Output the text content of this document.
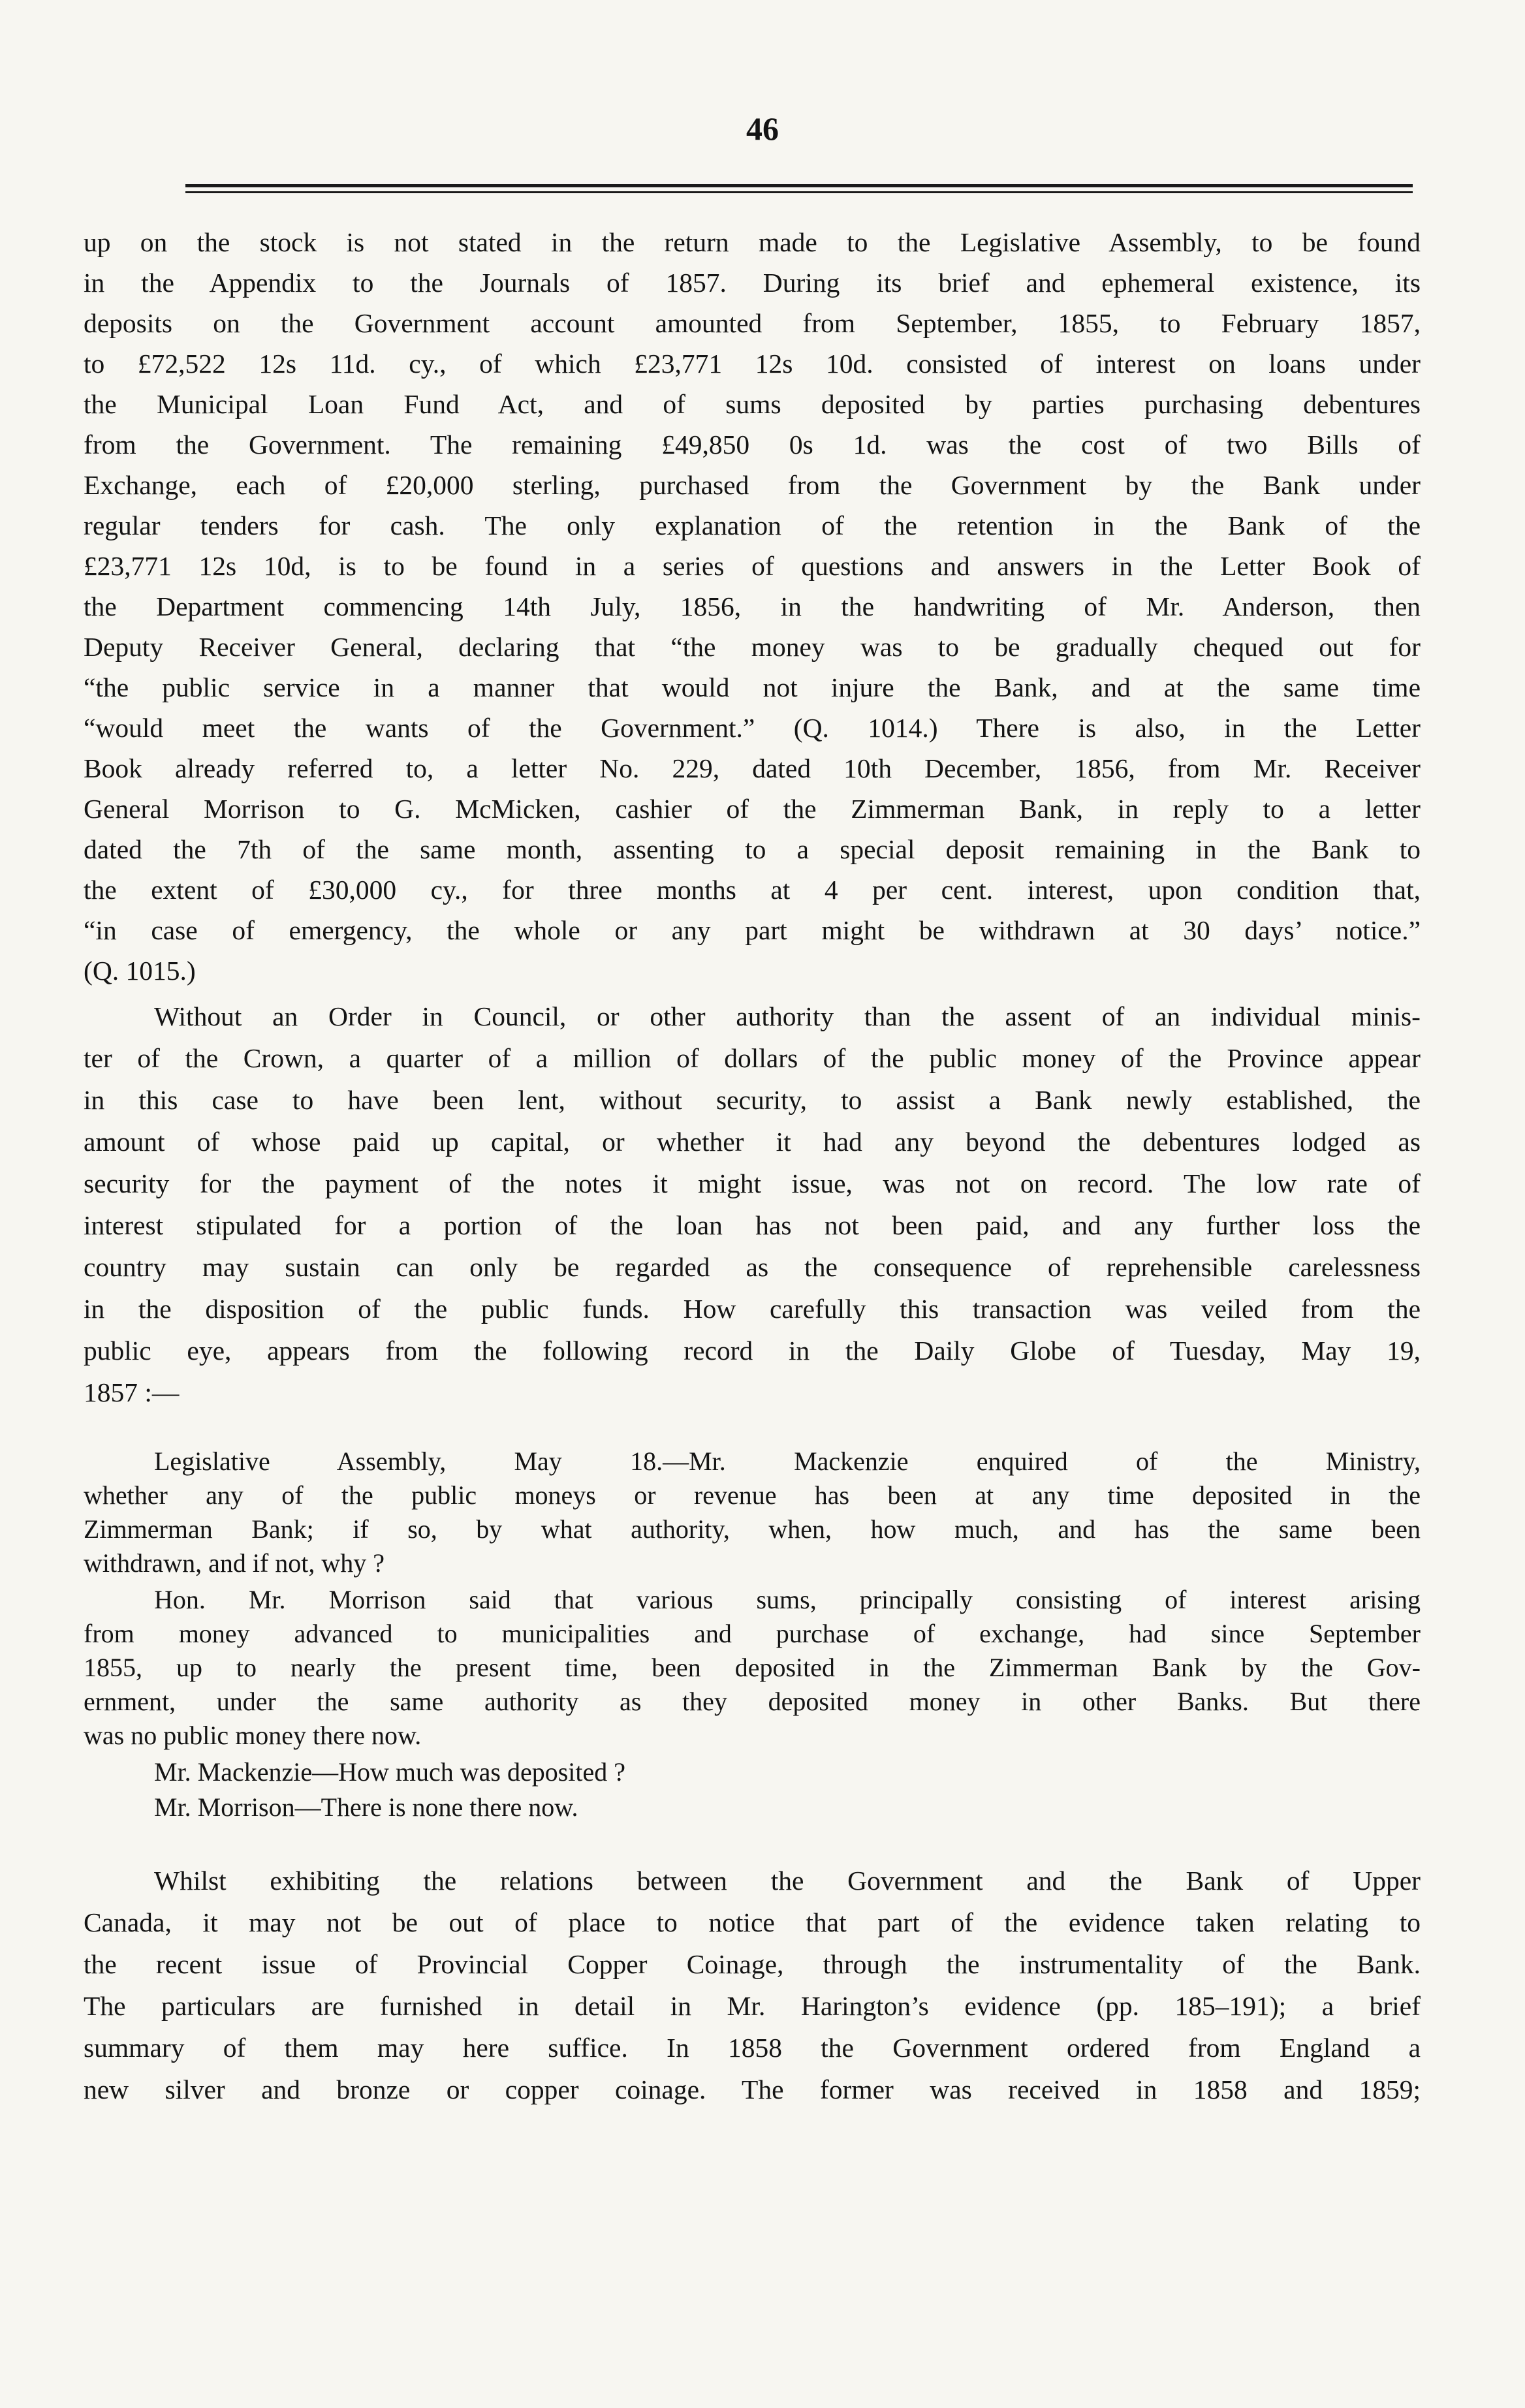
46
up on the stock is not stated in the return made to the Legislative Assembly, to be found
in the Appendix to the Journals of 1857. During its brief and ephemeral existence, its
deposits on the Government account amounted from September, 1855, to February 1857,
to £72,522 12s 11d. cy., of which £23,771 12s 10d. consisted of interest on loans under
the Municipal Loan Fund Act, and of sums deposited by parties purchasing debentures
from the Government. The remaining £49,850 0s 1d. was the cost of two Bills of
Exchange, each of £20,000 sterling, purchased from the Government by the Bank under
regular tenders for cash. The only explanation of the retention in the Bank of the
£23,771 12s 10d, is to be found in a series of questions and answers in the Letter Book of
the Department commencing 14th July, 1856, in the handwriting of Mr. Anderson, then
Deputy Receiver General, declaring that “the money was to be gradually chequed out for
“the public service in a manner that would not injure the Bank, and at the same time
“would meet the wants of the Government.” (Q. 1014.) There is also, in the Letter
Book already referred to, a letter No. 229, dated 10th December, 1856, from Mr. Receiver
General Morrison to G. McMicken, cashier of the Zimmerman Bank, in reply to a letter
dated the 7th of the same month, assenting to a special deposit remaining in the Bank to
the extent of £30,000 cy., for three months at 4 per cent. interest, upon condition that,
“in case of emergency, the whole or any part might be withdrawn at 30 days’ notice.”
(Q. 1015.)
Without an Order in Council, or other authority than the assent of an individual minis-
ter of the Crown, a quarter of a million of dollars of the public money of the Province appear
in this case to have been lent, without security, to assist a Bank newly established, the
amount of whose paid up capital, or whether it had any beyond the debentures lodged as
security for the payment of the notes it might issue, was not on record. The low rate of
interest stipulated for a portion of the loan has not been paid, and any further loss the
country may sustain can only be regarded as the consequence of reprehensible carelessness
in the disposition of the public funds. How carefully this transaction was veiled from the
public eye, appears from the following record in the Daily Globe of Tuesday, May 19,
1857 :—
Legislative Assembly, May 18.—Mr. Mackenzie enquired of the Ministry,
whether any of the public moneys or revenue has been at any time deposited in the
Zimmerman Bank; if so, by what authority, when, how much, and has the same been
withdrawn, and if not, why ?
Hon. Mr. Morrison said that various sums, principally consisting of interest arising
from money advanced to municipalities and purchase of exchange, had since September
1855, up to nearly the present time, been deposited in the Zimmerman Bank by the Gov-
ernment, under the same authority as they deposited money in other Banks. But there
was no public money there now.
Mr. Mackenzie—How much was deposited ?
Mr. Morrison—There is none there now.
Whilst exhibiting the relations between the Government and the Bank of Upper
Canada, it may not be out of place to notice that part of the evidence taken relating to
the recent issue of Provincial Copper Coinage, through the instrumentality of the Bank.
The particulars are furnished in detail in Mr. Harington’s evidence (pp. 185–191); a brief
summary of them may here suffice. In 1858 the Government ordered from England a
new silver and bronze or copper coinage. The former was received in 1858 and 1859;
